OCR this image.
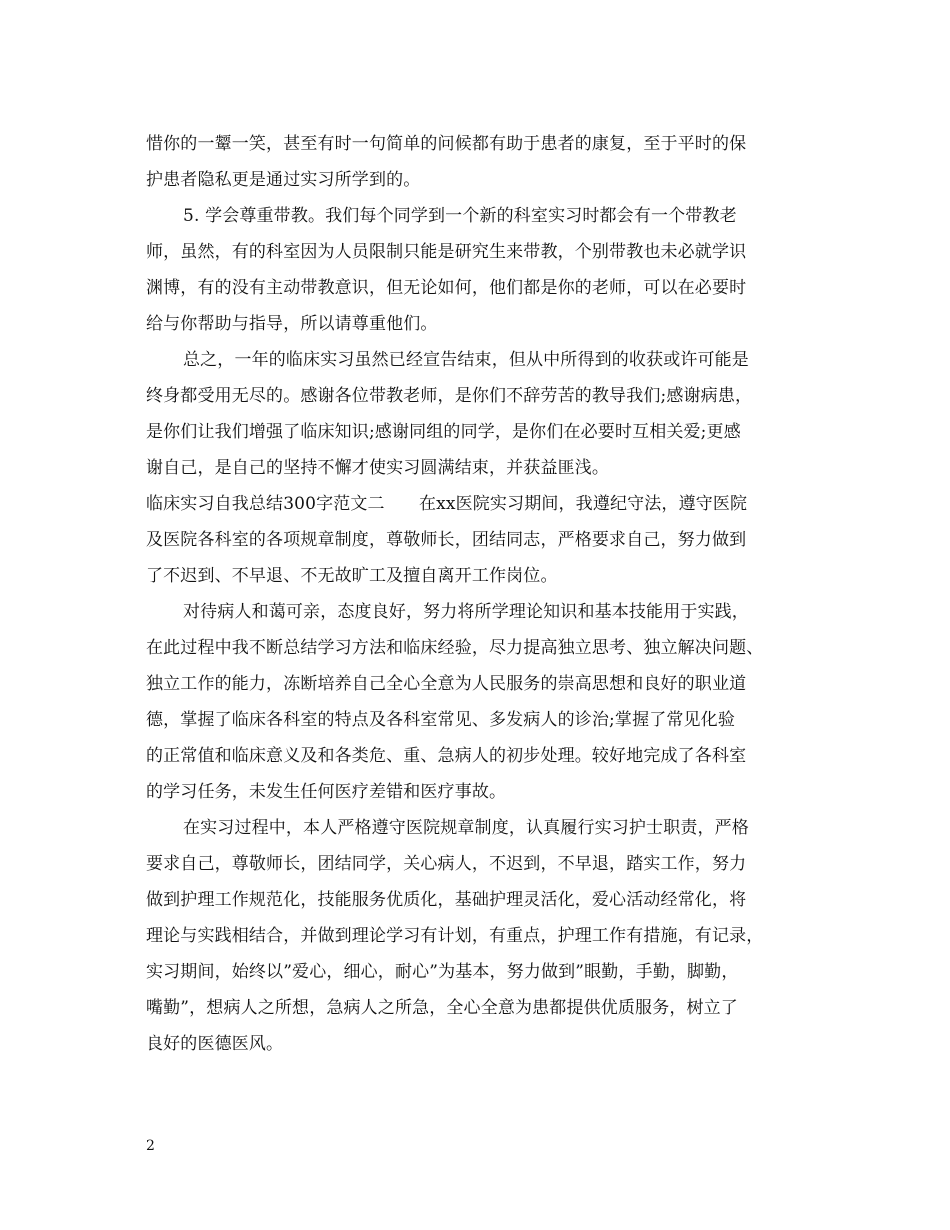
惜你的一颦一笑，甚至有时一句简单的问候都有助于患者的康复，至于平时的保
护患者隐私更是通过实习所学到的。
5. 学会尊重带教。我们每个同学到一个新的科室实习时都会有一个带教老
师，虽然，有的科室因为人员限制只能是研究生来带教，个别带教也未必就学识
渊博，有的没有主动带教意识，但无论如何，他们都是你的老师，可以在必要时
给与你帮助与指导，所以请尊重他们。
总之，一年的临床实习虽然已经宣告结束，但从中所得到的收获或许可能是
终身都受用无尽的。感谢各位带教老师，是你们不辞劳苦的教导我们;感谢病患，
是你们让我们增强了临床知识;感谢同组的同学，是你们在必要时互相关爱;更感
谢自己，是自己的坚持不懈才使实习圆满结束，并获益匪浅。
临床实习自我总结300字范文二　　在xx医院实习期间，我遵纪守法，遵守医院
及医院各科室的各项规章制度，尊敬师长，团结同志，严格要求自己，努力做到
了不迟到、不早退、不无故旷工及擅自离开工作岗位。
对待病人和蔼可亲，态度良好，努力将所学理论知识和基本技能用于实践，
在此过程中我不断总结学习方法和临床经验，尽力提高独立思考、独立解决问题、
独立工作的能力，冻断培养自己全心全意为人民服务的崇高思想和良好的职业道
德，掌握了临床各科室的特点及各科室常见、多发病人的诊治;掌握了常见化验
的正常值和临床意义及和各类危、重、急病人的初步处理。较好地完成了各科室
的学习任务，未发生任何医疗差错和医疗事故。
在实习过程中，本人严格遵守医院规章制度，认真履行实习护士职责，严格
要求自己，尊敬师长，团结同学，关心病人，不迟到，不早退，踏实工作，努力
做到护理工作规范化，技能服务优质化，基础护理灵活化，爱心活动经常化，将
理论与实践相结合，并做到理论学习有计划，有重点，护理工作有措施，有记录，
实习期间，始终以”爱心，细心，耐心”为基本，努力做到”眼勤，手勤，脚勤，
嘴勤”，想病人之所想，急病人之所急，全心全意为患都提供优质服务，树立了
良好的医德医风。
2
